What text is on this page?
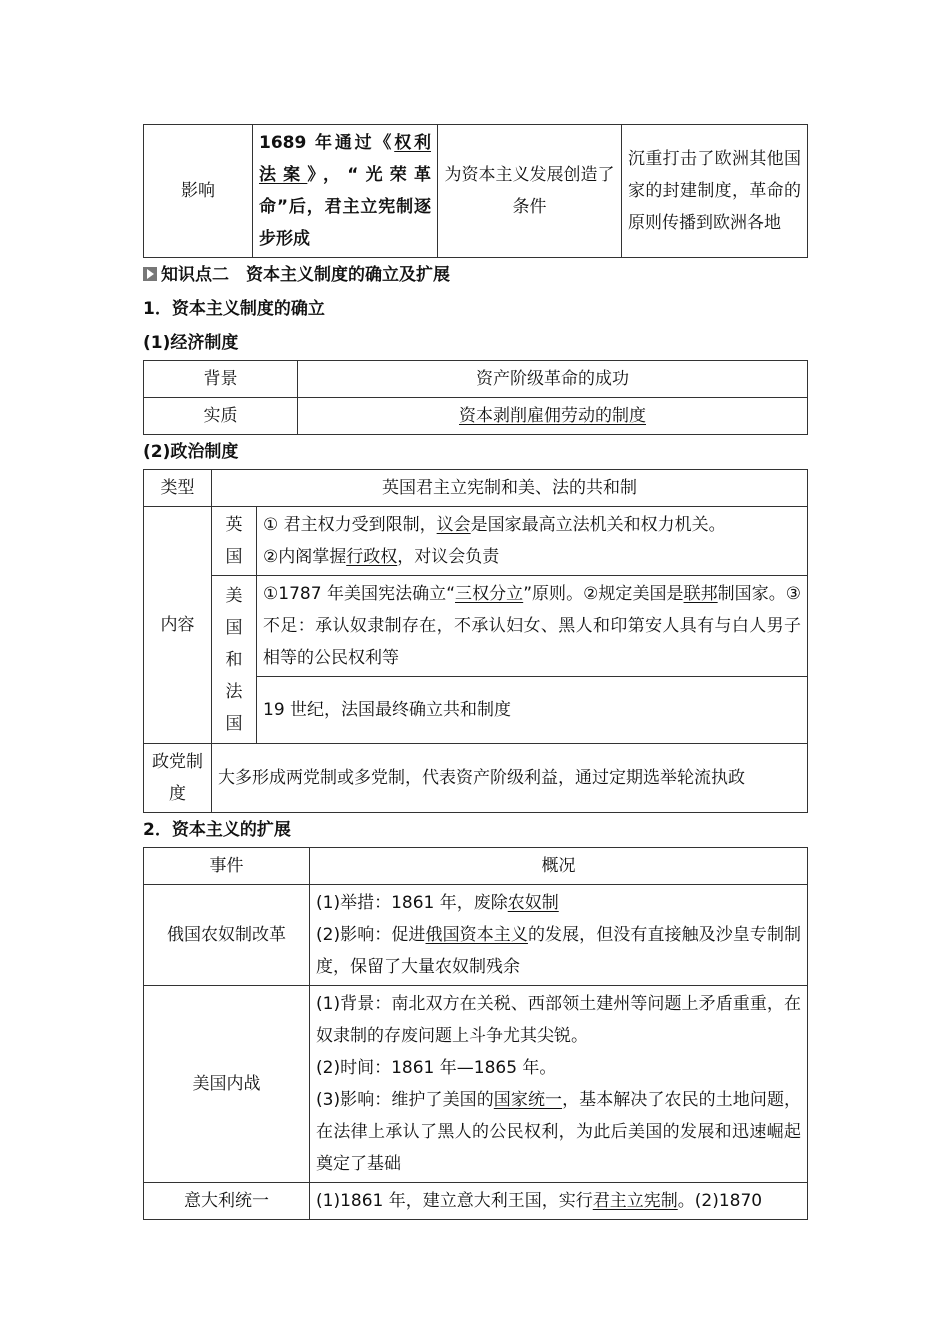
影响	1689 年通过《权利法案》，“光荣革命”后，君主立宪制逐步形成	为资本主义发展创造了条件	沉重打击了欧洲其他国家的封建制度，革命的原则传播到欧洲各地

知识点二　资本主义制度的确立及扩展

1．资本主义制度的确立

(1)经济制度

背景	资产阶级革命的成功
实质	资本剥削雇佣劳动的制度

(2)政治制度

类型	英国君主立宪制和美、法的共和制	
内容	英国	① 君主权力受到限制，议会是国家最高立法机关和权力机关。
②内阁掌握行政权，对议会负责

	美国和法国	①1787 年美国宪法确立“三权分立”原则。②规定美国是联邦制国家。③不足：承认奴隶制存在，不承认妇女、黑人和印第安人具有与白人男子相等的公民权利等
		19 世纪，法国最终确立共和制度
政党制度	大多形成两党制或多党制，代表资产阶级利益，通过定期选举轮流执政	

2．资本主义的扩展

事件	概况
俄国农奴制改革	(1)举措：1861 年，废除农奴制
(2)影响：促进俄国资本主义的发展，但没有直接触及沙皇专制制度，保留了大量农奴制残余

美国内战	(1)背景：南北双方在关税、西部领土建州等问题上矛盾重重，在奴隶制的存废问题上斗争尤其尖锐。
(2)时间：1861 年—1865 年。
(3)影响：维护了美国的国家统一，基本解决了农民的土地问题，在法律上承认了黑人的公民权利，为此后美国的发展和迅速崛起奠定了基础

意大利统一	(1)1861 年，建立意大利王国，实行君主立宪制。(2)1870
